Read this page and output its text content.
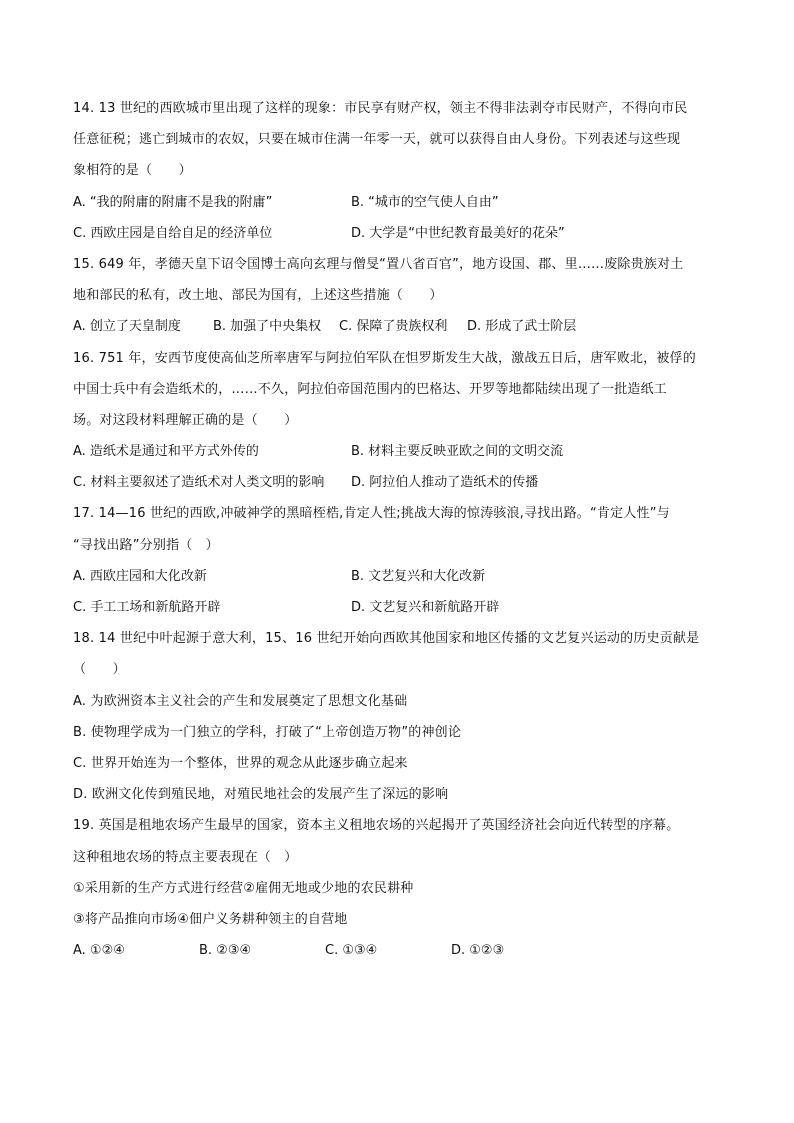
14. 13 世纪的西欧城市里出现了这样的现象：市民享有财产权，领主不得非法剥夺市民财产，不得向市民
任意征税；逃亡到城市的农奴，只要在城市住满一年零一天，就可以获得自由人身份。下列表述与这些现
象相符的是（　　）
A. “我的附庸的附庸不是我的附庸”	B. “城市的空气使人自由”
C. 西欧庄园是自给自足的经济单位	D. 大学是“中世纪教育最美好的花朵”
15. 649 年，孝德天皇下诏令国博士高向玄理与僧旻“置八省百官”，地方设国、郡、里……废除贵族对土
地和部民的私有，改土地、部民为国有，上述这些措施（　　）
A. 创立了天皇制度	B. 加强了中央集权	C. 保障了贵族权利	D. 形成了武士阶层
16. 751 年，安西节度使高仙芝所率唐军与阿拉伯军队在怛罗斯发生大战，激战五日后，唐军败北，被俘的
中国士兵中有会造纸术的，……不久，阿拉伯帝国范围内的巴格达、开罗等地都陆续出现了一批造纸工
场。对这段材料理解正确的是（　　）
A. 造纸术是通过和平方式外传的	B. 材料主要反映亚欧之间的文明交流
C. 材料主要叙述了造纸术对人类文明的影响	D. 阿拉伯人推动了造纸术的传播
17. 14—16 世纪的西欧,冲破神学的黑暗桎梏,肯定人性;挑战大海的惊涛骇浪,寻找出路。“肯定人性”与
“寻找出路”分别指（　）
A. 西欧庄园和大化改新	B. 文艺复兴和大化改新
C. 手工工场和新航路开辟	D. 文艺复兴和新航路开辟
18. 14 世纪中叶起源于意大利，15、16 世纪开始向西欧其他国家和地区传播的文艺复兴运动的历史贡献是
（　　）
A. 为欧洲资本主义社会的产生和发展奠定了思想文化基础
B. 使物理学成为一门独立的学科，打破了“上帝创造万物”的神创论
C. 世界开始连为一个整体，世界的观念从此逐步确立起来
D. 欧洲文化传到殖民地，对殖民地社会的发展产生了深远的影响
19. 英国是租地农场产生最早的国家，资本主义租地农场的兴起揭开了英国经济社会向近代转型的序幕。
这种租地农场的特点主要表现在（　）
①采用新的生产方式进行经营②雇佣无地或少地的农民耕种
③将产品推向市场④佃户义务耕种领主的自营地
A. ①②④	B. ②③④	C. ①③④	D. ①②③
